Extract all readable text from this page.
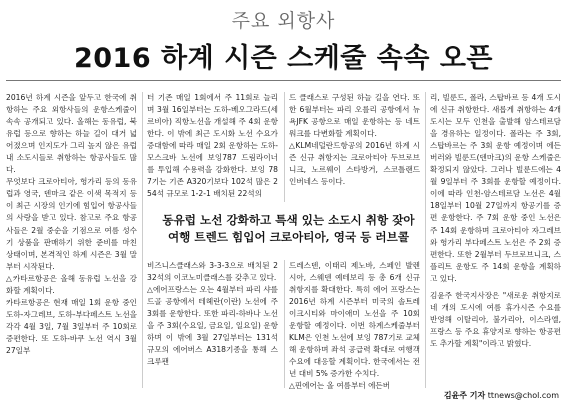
주요 외항사
2016 하계 시즌 스케줄 속속 오픈

2016년 하계 시즌을 앞두고 한국에 취항하는 주요 외항사들의 운항스케줄이 속속 공개되고 있다. 올해는 동유럽, 북유럽 등으로 향하는 하늘 길이 대거 넓어졌으며 인지도가 그리 높지 않은 유럽 내 소도시들로 취항하는 항공사들도 많다.

무엇보다 크로아티아, 헝가리 등의 동유럽과 영국, 덴마크 같은 이색 목적지 등이 최근 시장의 인기에 힘입어 항공사들의 사랑을 받고 있다. 참고로 주요 항공사들은 2월 중순을 기점으로 여름 성수기 상품을 판매하기 위한 준비를 마친 상태이며, 본격적인 하계 시즌은 3월 말부터 시작된다.

△카타르항공은 올해 동유럽 노선을 강화할 계획이다.

카타르항공은 현재 매일 1회 운항 중인 도하-자그레브, 도하-부다페스트 노선을 각각 4월 3일, 7월 3일부터 주 10회로 증편한다. 또 도하-바쿠 노선 역시 3월 27일부

터 기존 매일 1회에서 주 11회로 늘리며 3월 16일부터는 도하-베오그라드(세르비아) 직항노선을 개설해 주 4회 운항한다. 이 밖에 최근 도시화 노선 수요가 증대함에 따라 매일 2회 운항하는 도하-모스크바 노선에 보잉787 드림라이너를 투입해 수용력을 강화한다. 보잉 787기는 기존 A320기보다 102석 많은 254석 규모로 1-2-1 배치된 22석의

드 클래스로 구성된 하늘 길을 연다. 또한 6월부터는 파리 오를리 공항에서 뉴욕JFK 공항으로 매일 운항하는 등 네트워크를 다변화할 계획이다.

△KLM네덜란드항공의 2016년 하계 시즌 신규 취항지는 크로아티아 두브로브니크, 노르웨이 스타방거, 스코틀랜드 인버네스 등이다.

리, 빌룬드, 폴라, 스탑바르 등 4개 도시에 신규 취항한다. 새롭게 취항하는 4개 도시는 모두 인천을 출발해 암스테르담을 경유하는 일정이다. 폴라는 주 3회, 스탑바르는 주 3회 운항 예정이며 에든버러와 빌룬드(덴마크)의 운항 스케줄은 확정되지 않았다. 그러나 빌룬드에는 4월 9일부터 주 3회를 운항할 예정이다. 이에 따라 인천-암스테르담 노선은 4월 18일부터 10월 27일까지 항공기를 증편 운항한다. 주 7회 운항 중인 노선은 주 14회 운항하며 크로아티아 자그레브와 헝가리 부다페스트 노선은 주 2회 증편한다. 또한 2월부터 두브로브니크, 스플리트 운항도 주 14회 운항을 계획하고 있다.

동유럽 노선 강화하고 특색 있는 소도시 취항 잦아
여행 트렌드 힘입어 크로아티아, 영국 등 러브콜

비즈니스클래스와 3-3-3으로 배치된 232석의 이코노미클래스를 갖추고 있다.

△에어프랑스는 오는 4월부터 파리 샤를 드골 공항에서 테헤란(이란) 노선에 주 3회를 운항한다. 또한 파리-하바나 노선을 주 3회(수요일, 금요일, 일요일) 운항하며 이 밖에 3월 27일부터는 131석 규모의 에어버스 A318기종을 통해 스크루팬

드레스덴, 이태리 제노바, 스페인 발렌시아, 스웨덴 예테보리 등 총 6개 신규 취항지를 확대한다. 특히 에어 프랑스는 2016년 하계 시즌부터 미국의 솔트레이크시티와 마이애미 노선을 주 10회 운항할 예정이다. 이번 하계스케줄부터 KLM은 인천 노선에 보잉 787기로 교체해 운항하며 좌석 공급력 확대로 여행객 수요에 대응할 계획이다. 한국에서는 전년 대비 5% 증가한 수치다.

△핀에어는 올 여름부터 에든버

김윤주 한국지사장은 "새로운 취항지로 네 개의 도시에 여름 휴가시즌 수요를 반영해 이탈리아, 불가리아, 이스라엘, 프랑스 등 주요 휴양지로 향하는 항공편도 추가할 계획"이라고 밝혔다.

김윤주 기자 ttnews@chol.com
